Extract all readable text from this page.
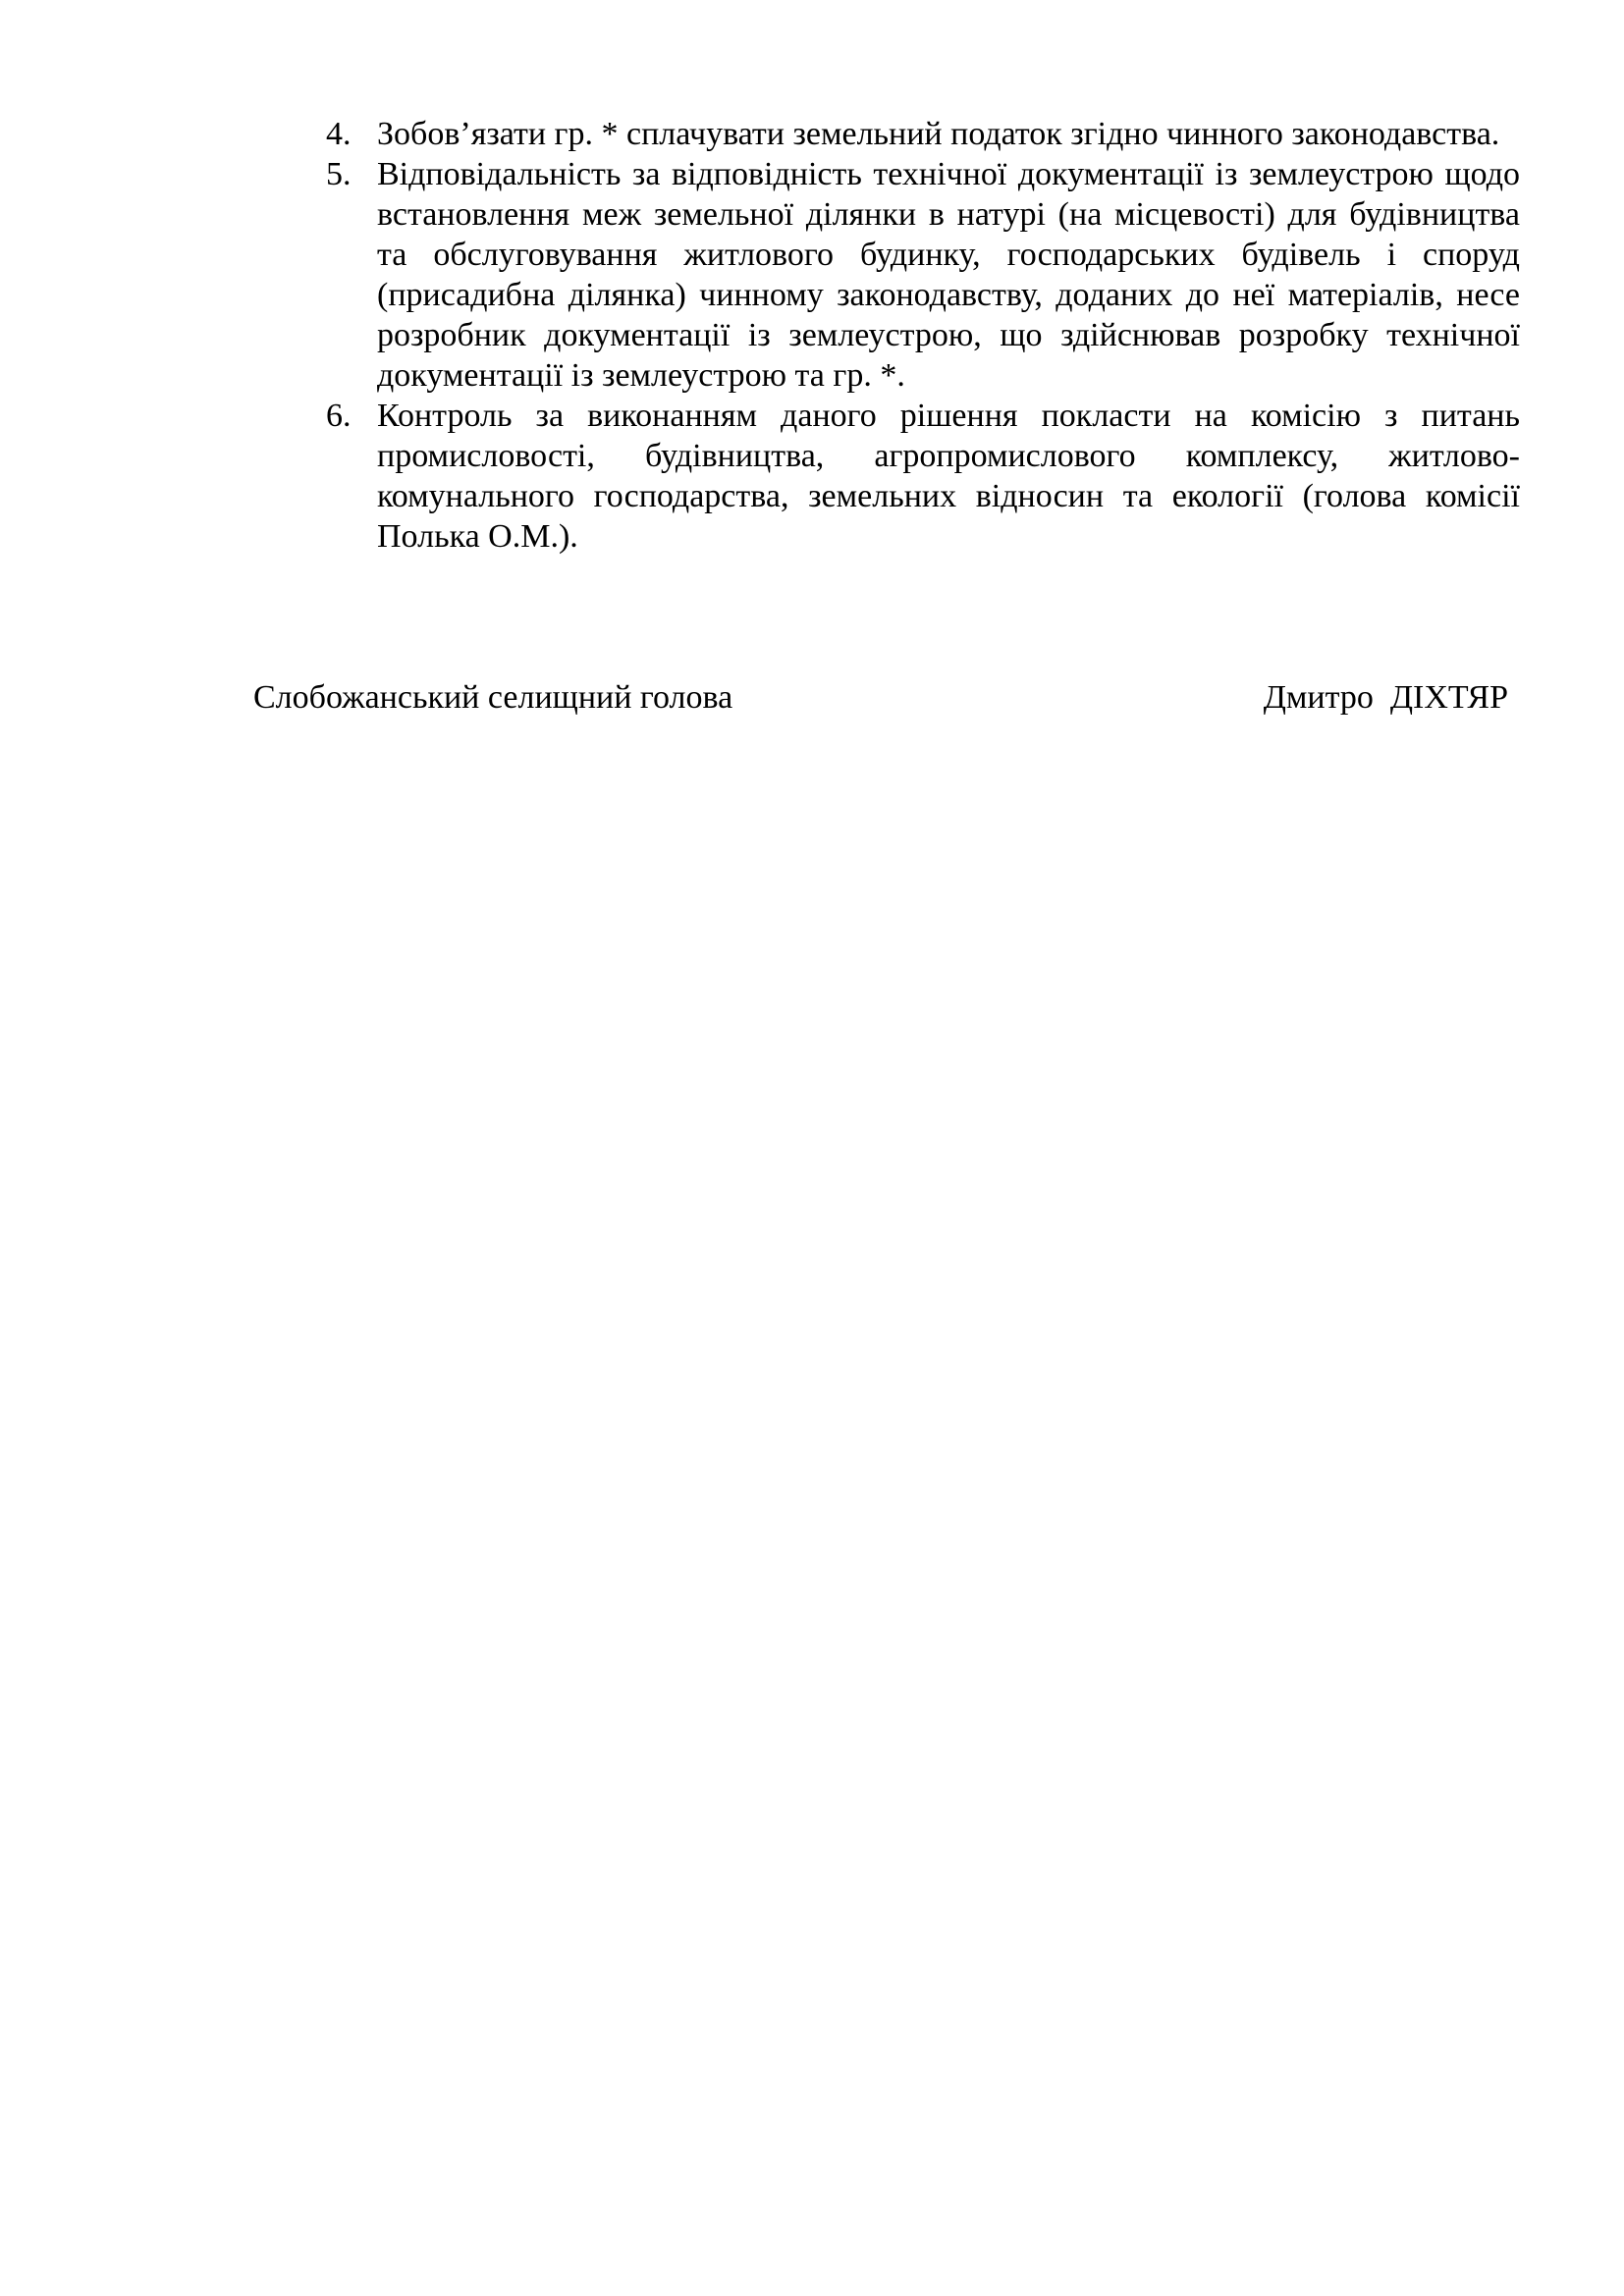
4. Зобов’язати гр. * сплачувати земельний податок згідно чинного законодавства.
5. Відповідальність за відповідність технічної документації із землеустрою щодо встановлення меж земельної ділянки в натурі (на місцевості) для будівництва та обслуговування житлового будинку, господарських будівель і споруд (присадибна ділянка) чинному законодавству, доданих до неї матеріалів, несе розробник документації із землеустрою, що здійснював розробку технічної документації із землеустрою та гр. *.
6. Контроль за виконанням даного рішення покласти на комісію з питань промисловості, будівництва, агропромислового комплексу, житлово-комунального господарства, земельних відносин та екології (голова комісії Полька О.М.).
Слобожанський селищний голова	Дмитро  ДІХТЯР
